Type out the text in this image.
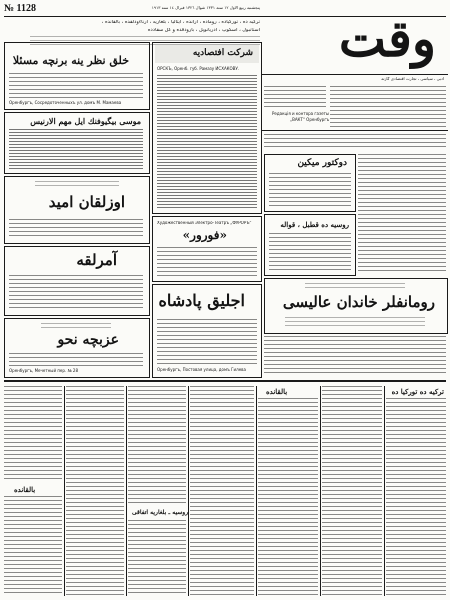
№ 1128	پنجشنبه ربیع الاول ١٢ ستة ١٣٣١ شوال ١٣٢٦ فبرال ١٤ سنه ١٩١٣
ترکیه ده ، تورکیاده ، روماده ، ارانده ، ایتالیا ، بلغاریه ، آرناءودلقده ، بالقانده ،
استانبول ، اسکوپ ، آدریانوپل ، بارودقده و گل سقادده وقت
ادبی ، سیاسی ، تجارت اقتصادی گازته
Редакція и контора газеты
„ВАКТ“ Оренбургъ
خلق نظر ینه برنچه مسئلا
Оренбургъ, Сосредоточенныхъ ул. домъ М. Мамаева
موسى بيگيوفنك ايل مهم الارنيس
اوزلقان امید
آمرلقه
عزبچه نحو
Оренбургъ, Мечетный пер. № 28
شرکت افتصادیه
ОРСКЪ, Оренб. губ. Рамазу ИСХАКОВУ.
Художественный Электро-Театръ „ФУРОРЪ“
«فورور»
اجليق پادشاه
Оренбургъ, Постовая улица, домъ Гилева
دوكتور ميكين
روسيه ده قطبل ، قواله
رومانفلر خاندان عالیسی
بالقانده
روسیه ـ بلغاریه اتفاقی
بالقانده	ترکیه ده تورکیا ده
